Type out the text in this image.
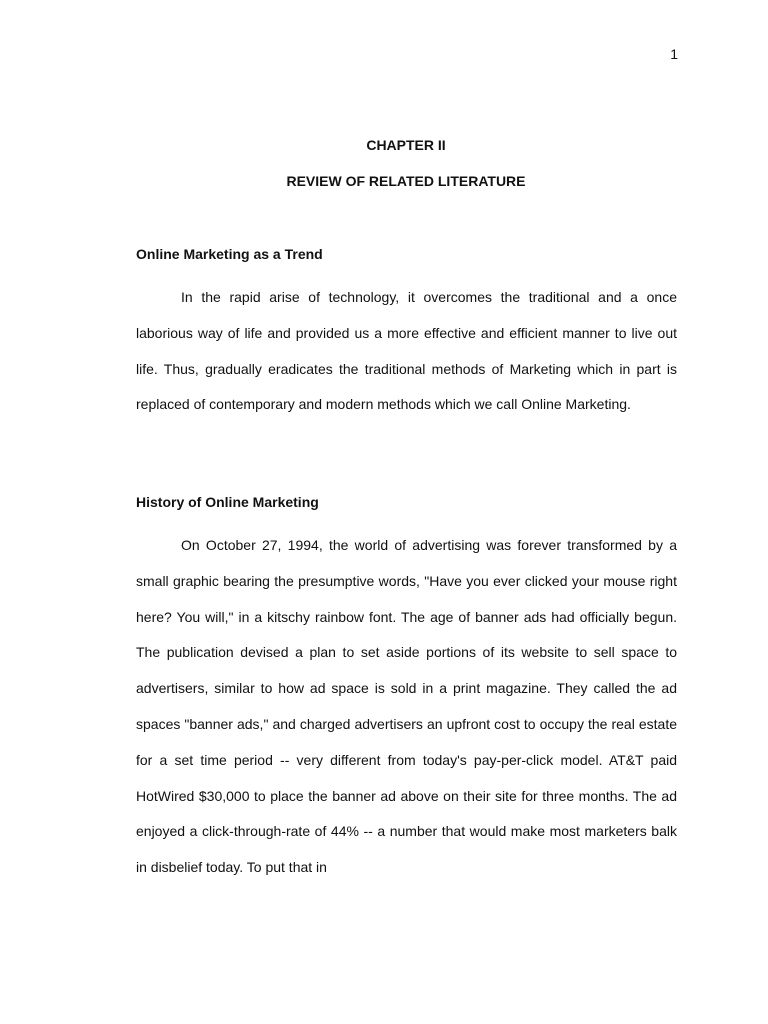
1
CHAPTER II
REVIEW OF RELATED LITERATURE
Online Marketing as a Trend

In the rapid arise of technology, it overcomes the traditional and a once laborious way of life and provided us a more effective and efficient manner to live out life. Thus, gradually eradicates the traditional methods of Marketing which in part is replaced of contemporary and modern methods which we call Online Marketing.

History of Online Marketing

On October 27, 1994, the world of advertising was forever transformed by a small graphic bearing the presumptive words, "Have you ever clicked your mouse right here? You will," in a kitschy rainbow font. The age of banner ads had officially begun. The publication devised a plan to set aside portions of its website to sell space to advertisers, similar to how ad space is sold in a print magazine. They called the ad spaces "banner ads," and charged advertisers an upfront cost to occupy the real estate for a set time period -- very different from today's pay-per-click model. AT&T paid HotWired $30,000 to place the banner ad above on their site for three months. The ad enjoyed a click-through-rate of 44% -- a number that would make most marketers balk in disbelief today. To put that in
